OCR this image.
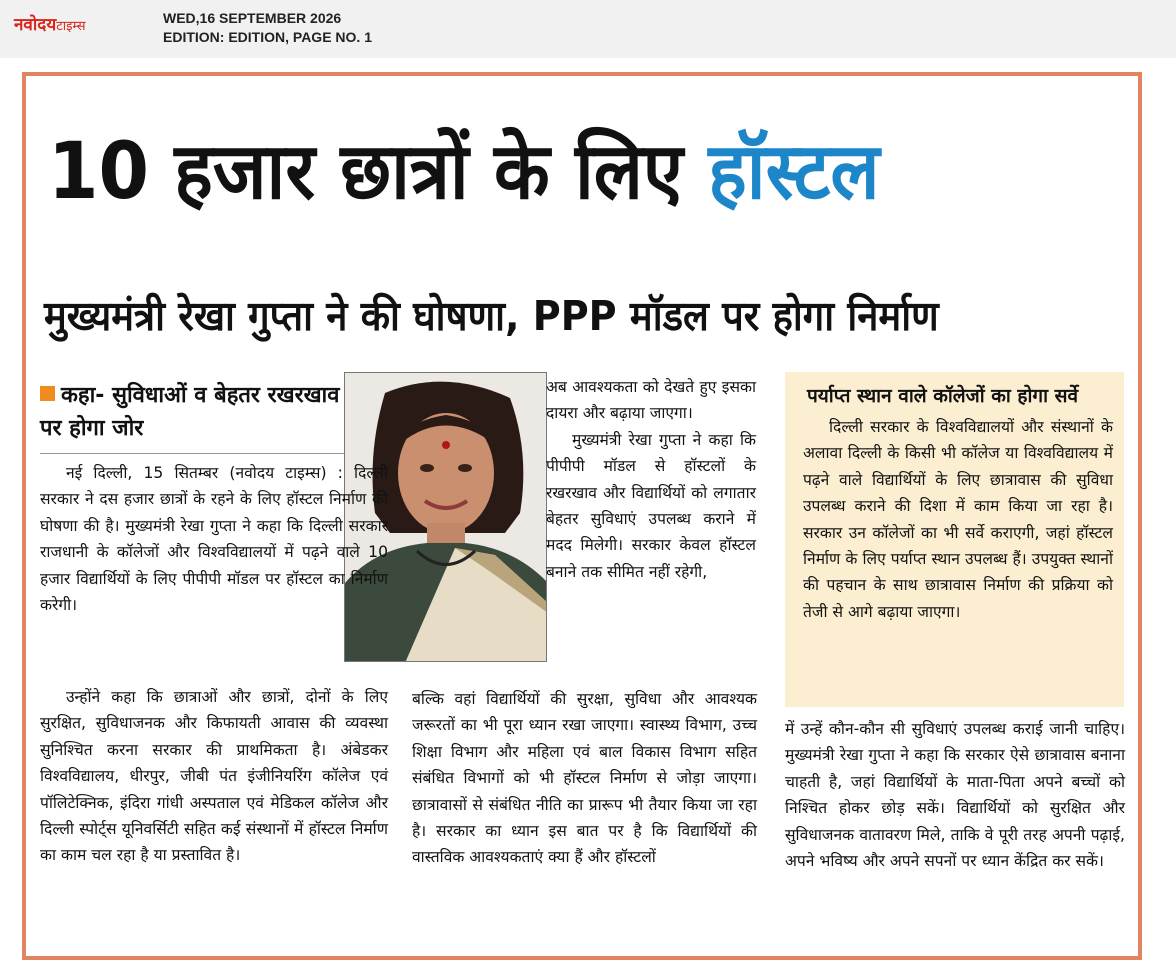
नवोदयटाइम्स
WED,16 SEPTEMBER 2026
EDITION: EDITION, PAGE NO. 1
10 हजार छात्रों के लिए हॉस्टल
मुख्यमंत्री रेखा गुप्ता ने की घोषणा, PPP मॉडल पर होगा निर्माण
कहा- सुविधाओं व बेहतर रखरखाव पर होगा जोर

नई दिल्ली, 15 सितम्बर (नवोदय टाइम्स) : दिल्ली सरकार ने दस हजार छात्रों के रहने के लिए हॉस्टल निर्माण की घोषणा की है। मुख्यमंत्री रेखा गुप्ता ने कहा कि दिल्ली सरकार राजधानी के कॉलेजों और विश्वविद्यालयों में पढ़ने वाले 10 हजार विद्यार्थियों के लिए पीपीपी मॉडल पर हॉस्टल का निर्माण करेगी।

उन्होंने कहा कि छात्राओं और छात्रों, दोनों के लिए सुरक्षित, सुविधाजनक और किफायती आवास की व्यवस्था सुनिश्चित करना सरकार की प्राथमिकता है। अंबेडकर विश्वविद्यालय, धीरपुर, जीबी पंत इंजीनियरिंग कॉलेज एवं पॉलिटेक्निक, इंदिरा गांधी अस्पताल एवं मेडिकल कॉलेज और दिल्ली स्पोर्ट्स यूनिवर्सिटी सहित कई संस्थानों में हॉस्टल निर्माण का काम चल रहा है या प्रस्तावित है।

अब आवश्यकता को देखते हुए इसका दायरा और बढ़ाया जाएगा।

मुख्यमंत्री रेखा गुप्ता ने कहा कि पीपीपी मॉडल से हॉस्टलों के रखरखाव और विद्यार्थियों को लगातार बेहतर सुविधाएं उपलब्ध कराने में मदद मिलेगी। सरकार केवल हॉस्टल बनाने तक सीमित नहीं रहेगी,

बल्कि वहां विद्यार्थियों की सुरक्षा, सुविधा और आवश्यक जरूरतों का भी पूरा ध्यान रखा जाएगा। स्वास्थ्य विभाग, उच्च शिक्षा विभाग और महिला एवं बाल विकास विभाग सहित संबंधित विभागों को भी हॉस्टल निर्माण से जोड़ा जाएगा। छात्रावासों से संबंधित नीति का प्रारूप भी तैयार किया जा रहा है। सरकार का ध्यान इस बात पर है कि विद्यार्थियों की वास्तविक आवश्यकताएं क्या हैं और हॉस्टलों

पर्याप्त स्थान वाले कॉलेजों का होगा सर्वे

दिल्ली सरकार के विश्वविद्यालयों और संस्थानों के अलावा दिल्ली के किसी भी कॉलेज या विश्वविद्यालय में पढ़ने वाले विद्यार्थियों के लिए छात्रावास की सुविधा उपलब्ध कराने की दिशा में काम किया जा रहा है। सरकार उन कॉलेजों का भी सर्वे कराएगी, जहां हॉस्टल निर्माण के लिए पर्याप्त स्थान उपलब्ध हैं। उपयुक्त स्थानों की पहचान के साथ छात्रावास निर्माण की प्रक्रिया को तेजी से आगे बढ़ाया जाएगा।

में उन्हें कौन-कौन सी सुविधाएं उपलब्ध कराई जानी चाहिए। मुख्यमंत्री रेखा गुप्ता ने कहा कि सरकार ऐसे छात्रावास बनाना चाहती है, जहां विद्यार्थियों के माता-पिता अपने बच्चों को निश्चित होकर छोड़ सकें। विद्यार्थियों को सुरक्षित और सुविधाजनक वातावरण मिले, ताकि वे पूरी तरह अपनी पढ़ाई, अपने भविष्य और अपने सपनों पर ध्यान केंद्रित कर सकें।
